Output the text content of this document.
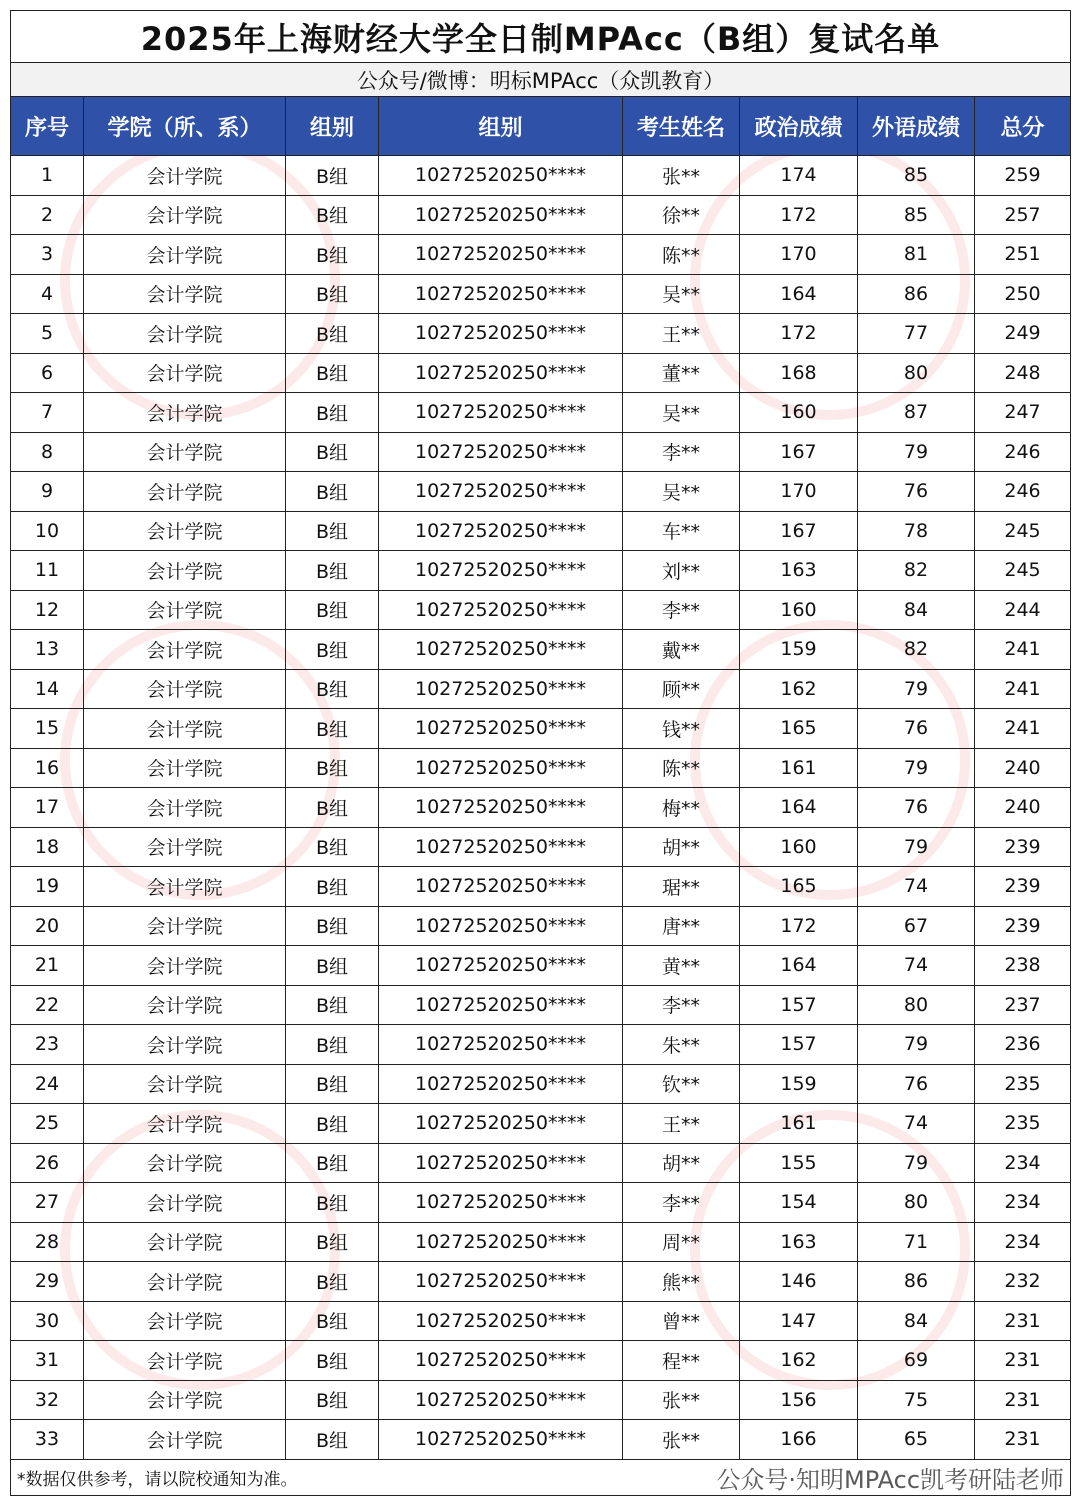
2025年上海财经大学全日制MPAcc（B组）复试名单							
公众号/微博：明标MPAcc（众凯教育）							
序号	学院（所、系）	组别	组别	考生姓名	政治成绩	外语成绩	总分
1	会计学院	B组	10272520250****	张**	174	85	259
2	会计学院	B组	10272520250****	徐**	172	85	257
3	会计学院	B组	10272520250****	陈**	170	81	251
4	会计学院	B组	10272520250****	吴**	164	86	250
5	会计学院	B组	10272520250****	王**	172	77	249
6	会计学院	B组	10272520250****	董**	168	80	248
7	会计学院	B组	10272520250****	吴**	160	87	247
8	会计学院	B组	10272520250****	李**	167	79	246
9	会计学院	B组	10272520250****	吴**	170	76	246
10	会计学院	B组	10272520250****	车**	167	78	245
11	会计学院	B组	10272520250****	刘**	163	82	245
12	会计学院	B组	10272520250****	李**	160	84	244
13	会计学院	B组	10272520250****	戴**	159	82	241
14	会计学院	B组	10272520250****	顾**	162	79	241
15	会计学院	B组	10272520250****	钱**	165	76	241
16	会计学院	B组	10272520250****	陈**	161	79	240
17	会计学院	B组	10272520250****	梅**	164	76	240
18	会计学院	B组	10272520250****	胡**	160	79	239
19	会计学院	B组	10272520250****	琚**	165	74	239
20	会计学院	B组	10272520250****	唐**	172	67	239
21	会计学院	B组	10272520250****	黄**	164	74	238
22	会计学院	B组	10272520250****	李**	157	80	237
23	会计学院	B组	10272520250****	朱**	157	79	236
24	会计学院	B组	10272520250****	钦**	159	76	235
25	会计学院	B组	10272520250****	王**	161	74	235
26	会计学院	B组	10272520250****	胡**	155	79	234
27	会计学院	B组	10272520250****	李**	154	80	234
28	会计学院	B组	10272520250****	周**	163	71	234
29	会计学院	B组	10272520250****	熊**	146	86	232
30	会计学院	B组	10272520250****	曾**	147	84	231
31	会计学院	B组	10272520250****	程**	162	69	231
32	会计学院	B组	10272520250****	张**	156	75	231
33	会计学院	B组	10272520250****	张**	166	65	231

*数据仅供参考，请以院校通知为准。 公众号·知明MPAcc凯考研陆老师							
